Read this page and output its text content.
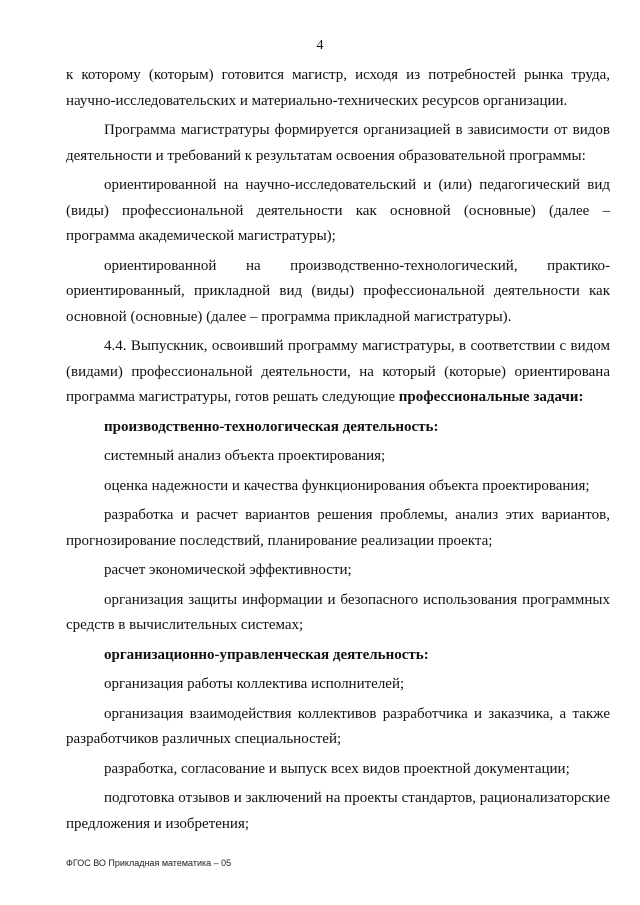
4

к которому (которым) готовится магистр, исходя из потребностей рынка труда, научно-исследовательских и материально-технических ресурсов организации.

Программа магистратуры формируется организацией в зависимости от видов деятельности и требований к результатам освоения образовательной программы:

ориентированной на научно-исследовательский и (или) педагогический вид (виды) профессиональной деятельности как основной (основные) (далее – программа академической магистратуры);

ориентированной на производственно-технологический, практико-ориентированный, прикладной вид (виды) профессиональной деятельности как основной (основные) (далее – программа прикладной магистратуры).

4.4. Выпускник, освоивший программу магистратуры, в соответствии с видом (видами) профессиональной деятельности, на который (которые) ориентирована программа магистратуры, готов решать следующие профессиональные задачи:

производственно-технологическая деятельность:

системный анализ объекта проектирования;

оценка надежности и качества функционирования объекта проектирования;

разработка и расчет вариантов решения проблемы, анализ этих вариантов, прогнозирование последствий, планирование реализации проекта;

расчет экономической эффективности;

организация защиты информации и безопасного использования программных средств в вычислительных системах;

организационно-управленческая деятельность:

организация работы коллектива исполнителей;

организация взаимодействия коллективов разработчика и заказчика, а также разработчиков различных специальностей;

разработка, согласование и выпуск всех видов проектной документации;

подготовка отзывов и заключений на проекты стандартов, рационализаторские предложения и изобретения;

ФГОС ВО Прикладная математика – 05
